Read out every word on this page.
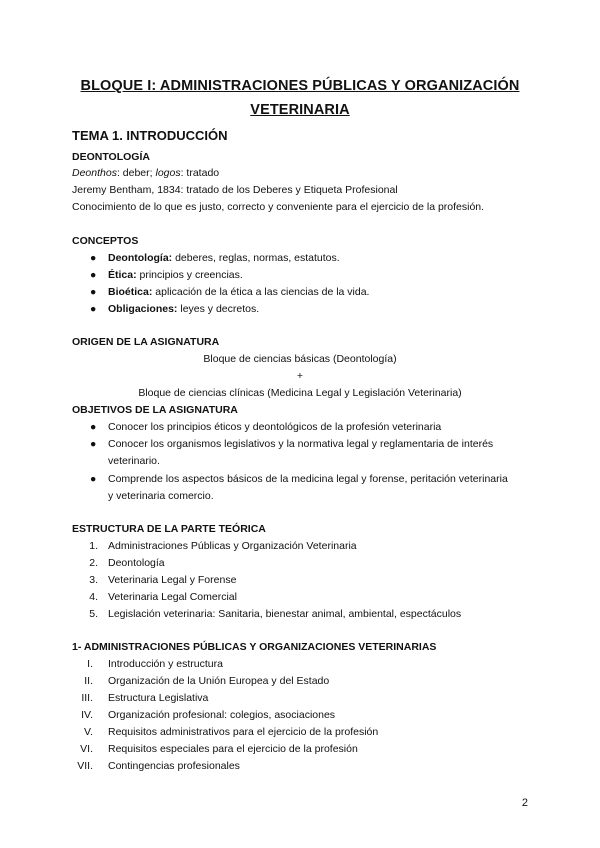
BLOQUE I: ADMINISTRACIONES PÚBLICAS Y ORGANIZACIÓN
VETERINARIA
TEMA 1. INTRODUCCIÓN
DEONTOLOGÍA
Deonthos: deber; logos: tratado
Jeremy Bentham, 1834: tratado de los Deberes y Etiqueta Profesional
Conocimiento de lo que es justo, correcto y conveniente para el ejercicio de la profesión.
CONCEPTOS
● Deontología: deberes, reglas, normas, estatutos.
● Ética: principios y creencias.
● Bioética: aplicación de la ética a las ciencias de la vida.
● Obligaciones: leyes y decretos.
ORIGEN DE LA ASIGNATURA
Bloque de ciencias básicas (Deontología)
+
Bloque de ciencias clínicas (Medicina Legal y Legislación Veterinaria)
OBJETIVOS DE LA ASIGNATURA
● Conocer los principios éticos y deontológicos de la profesión veterinaria
● Conocer los organismos legislativos y la normativa legal y reglamentaria de interés
veterinario.
● Comprende los aspectos básicos de la medicina legal y forense, peritación veterinaria
y veterinaria comercio.
ESTRUCTURA DE LA PARTE TEÓRICA
1. Administraciones Públicas y Organización Veterinaria
2. Deontología
3. Veterinaria Legal y Forense
4. Veterinaria Legal Comercial
5. Legislación veterinaria: Sanitaria, bienestar animal, ambiental, espectáculos
1- ADMINISTRACIONES PÚBLICAS Y ORGANIZACIONES VETERINARIAS
I. Introducción y estructura
II. Organización de la Unión Europea y del Estado
III. Estructura Legislativa
IV. Organización profesional: colegios, asociaciones
V. Requisitos administrativos para el ejercicio de la profesión
VI. Requisitos especiales para el ejercicio de la profesión
VII. Contingencias profesionales
2
